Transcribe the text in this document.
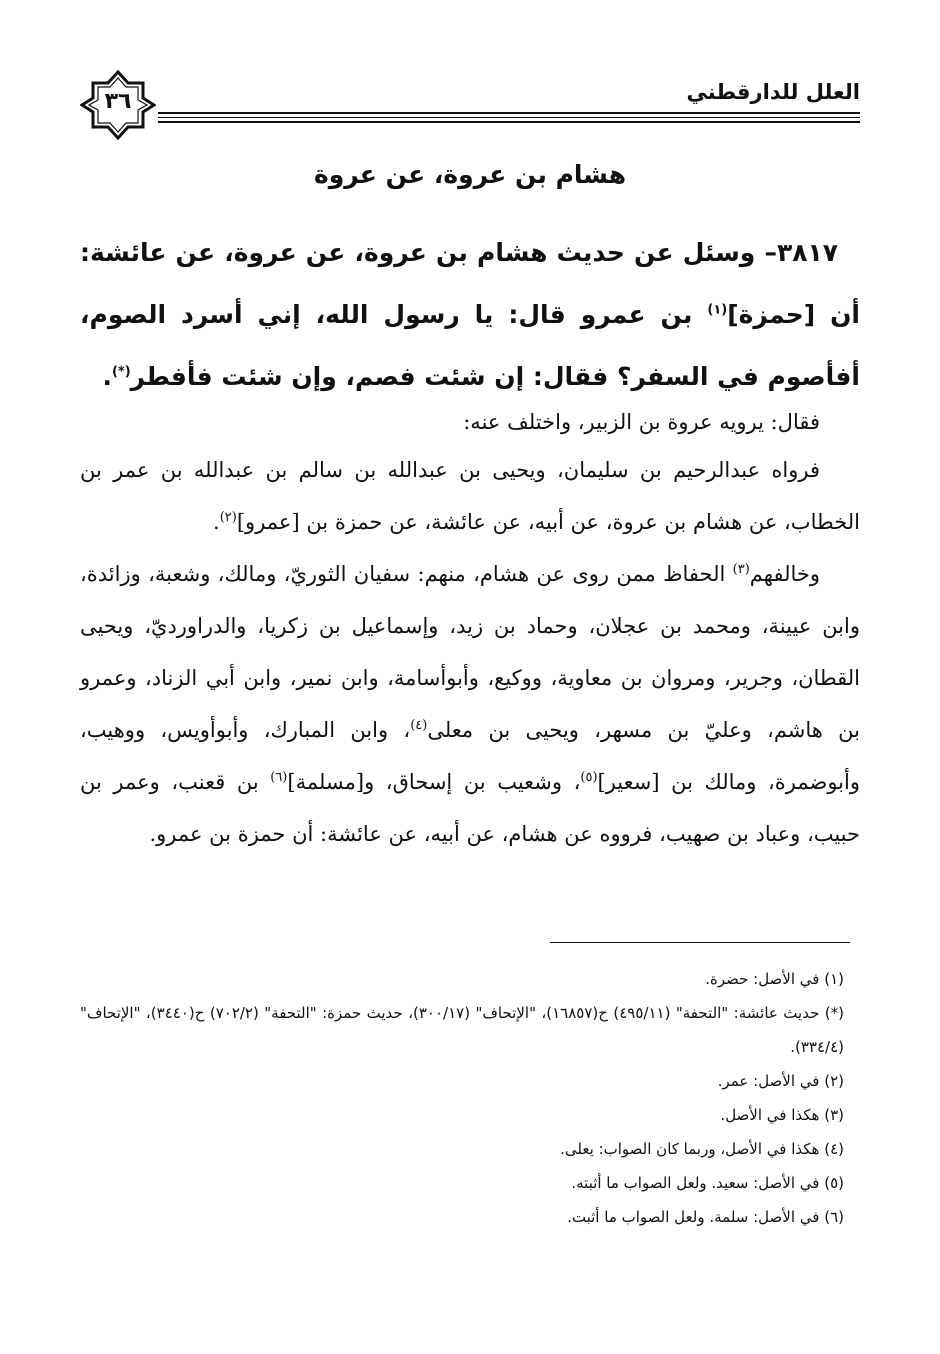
العلل للدارقطني
٣٦
هشام بن عروة، عن عروة
٣٨١٧– وسئل عن حديث هشام بن عروة، عن عروة، عن عائشة: أن [حمزة]$^{(١)}$ بن عمرو قال: يا رسول الله، إني أسرد الصوم، أفأصوم في السفر؟ فقال: إن شئت فصم، وإن شئت فأفطر(*).
فقال: يرويه عروة بن الزبير، واختلف عنه:
فرواه عبدالرحيم بن سليمان، ويحيى بن عبدالله بن سالم بن عبدالله بن عمر بن الخطاب، عن هشام بن عروة، عن أبيه، عن عائشة، عن حمزة بن [عمرو]$^{(٢)}$.
وخالفهم$^{(٣)}$ الحفاظ ممن روى عن هشام، منهم: سفيان الثوريّ، ومالك، وشعبة، وزائدة، وابن عيينة، ومحمد بن عجلان، وحماد بن زيد، وإسماعيل بن زكريا، والدراورديّ، ويحيى القطان، وجرير، ومروان بن معاوية، ووكيع، وأبوأسامة، وابن نمير، وابن أبي الزناد، وعمرو بن هاشم، وعليّ بن مسهر، ويحيى بن معلى$^{(٤)}$، وابن المبارك، وأبوأويس، ووهيب، وأبوضمرة، ومالك بن [سعير]$^{(٥)}$، وشعيب بن إسحاق، و[مسلمة]$^{(٦)}$ بن قعنب، وعمر بن حبيب، وعباد بن صهيب، فرووه عن هشام، عن أبيه، عن عائشة: أن حمزة بن عمرو.
(١) في الأصل: حضرة.
(*) حديث عائشة: "التحفة" (٤٩٥/١١) ح(١٦٨٥٧)، "الإتحاف" (٣٠٠/١٧)، حديث حمزة: "التحفة" (٧٠٢/٢) ح(٣٤٤٠)، "الإتحاف" (٣٣٤/٤).
(٢) في الأصل: عمر.
(٣) هكذا في الأصل.
(٤) هكذا في الأصل، وربما كان الصواب: يعلى.
(٥) في الأصل: سعيد. ولعل الصواب ما أثبته.
(٦) في الأصل: سلمة. ولعل الصواب ما أثبت.
